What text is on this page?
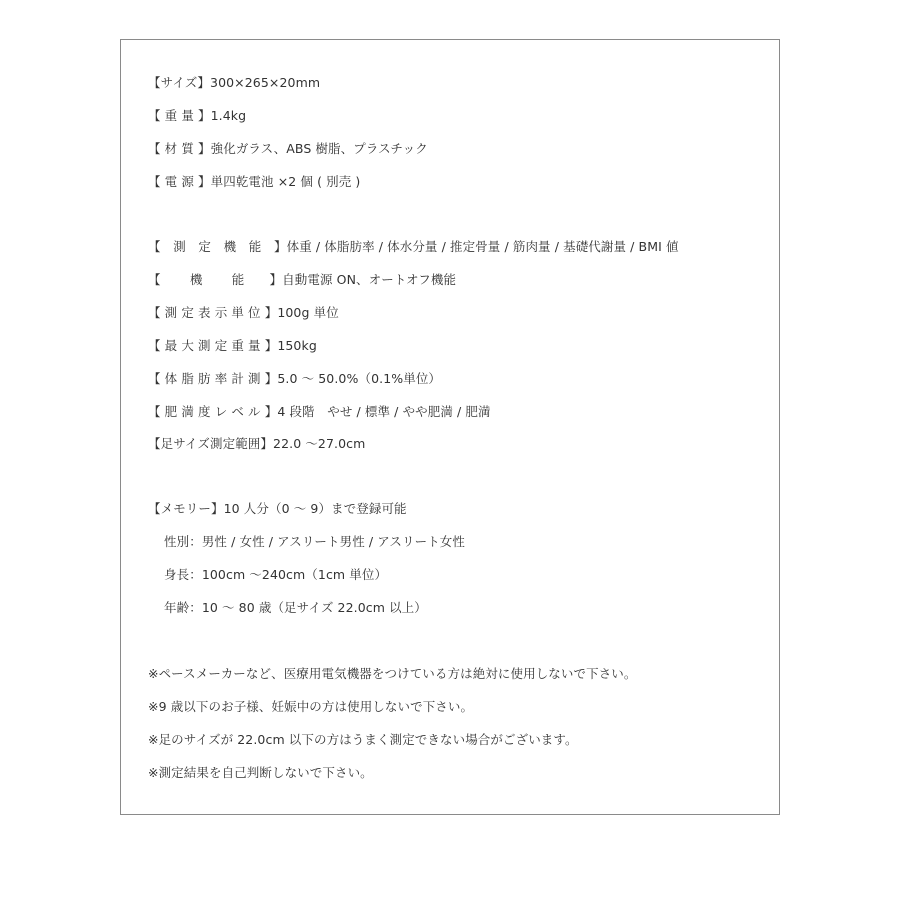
【サイズ】300×265×20mm
【 重 量 】1.4kg
【 材 質 】強化ガラス、ABS 樹脂、プラスチック
【 電 源 】単四乾電池 ×2 個 ( 別売 )
【　測　定　機　能　】体重 / 体脂肪率 / 体水分量 / 推定骨量 / 筋肉量 / 基礎代謝量 / BMI 値
【　　 機　　 能　　】自動電源 ON、オートオフ機能
【 測 定 表 示 単 位 】100g 単位
【 最 大 測 定 重 量 】150kg
【 体 脂 肪 率 計 測 】5.0 ～ 50.0%（0.1%単位）
【 肥 満 度 レ ベ ル 】4 段階　やせ / 標準 / やや肥満 / 肥満
【足サイズ測定範囲】22.0 ～27.0cm
【メモリー】10 人分（0 ～ 9）まで登録可能
性別：男性 / 女性 / アスリート男性 / アスリート女性
身長：100cm ～240cm（1cm 単位）
年齢：10 ～ 80 歳（足サイズ 22.0cm 以上）
※ペースメーカーなど、医療用電気機器をつけている方は絶対に使用しないで下さい。
※9 歳以下のお子様、妊娠中の方は使用しないで下さい。
※足のサイズが 22.0cm 以下の方はうまく測定できない場合がございます。
※測定結果を自己判断しないで下さい。
